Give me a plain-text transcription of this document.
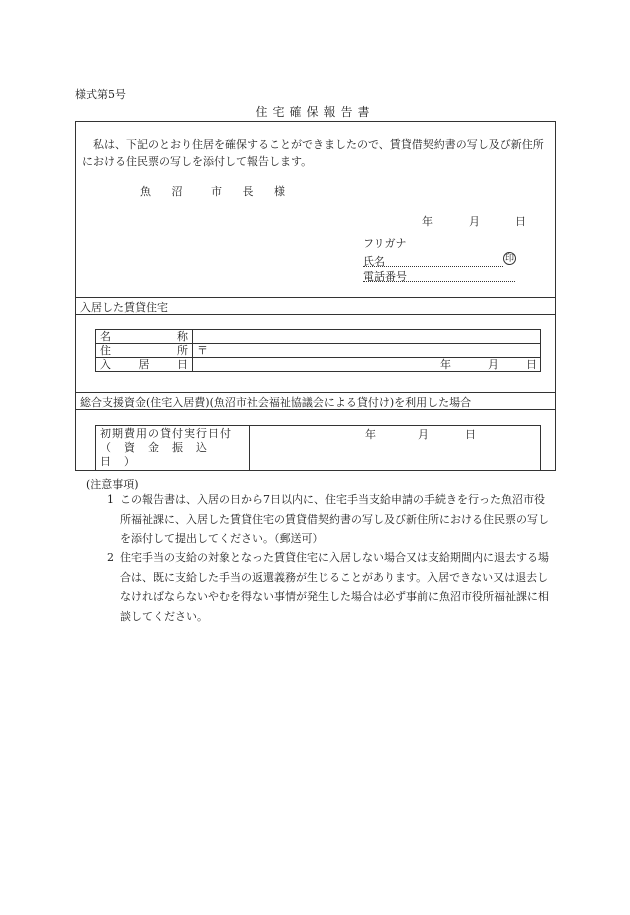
様式第5号
住宅確保報告書
私は、下記のとおり住居を確保することができましたので、賃貸借契約書の写し及び新住所における住民票の写しを添付して報告します。
魚 沼 市 長 様
年	月	日
フリガナ
氏名	印
電話番号
入居した賃貸住宅
名　　　称	
住　　　所	〒
入　居　日	年 月 日
総合支援資金(住宅入居費)(魚沼市社会福祉協議会による貸付け)を利用した場合
初期費用の貸付実行日付
（　資　金　振　込　日　）

年	月	日
(注意事項)
1 この報告書は、入居の日から7日以内に、住宅手当支給申請の手続きを行った魚沼市役所福祉課に、入居した賃貸住宅の賃貸借契約書の写し及び新住所における住民票の写しを添付して提出してください。（郵送可）
2 住宅手当の支給の対象となった賃貸住宅に入居しない場合又は支給期間内に退去する場合は、既に支給した手当の返還義務が生じることがあります。入居できない又は退去しなければならないやむを得ない事情が発生した場合は必ず事前に魚沼市役所福祉課に相談してください。
